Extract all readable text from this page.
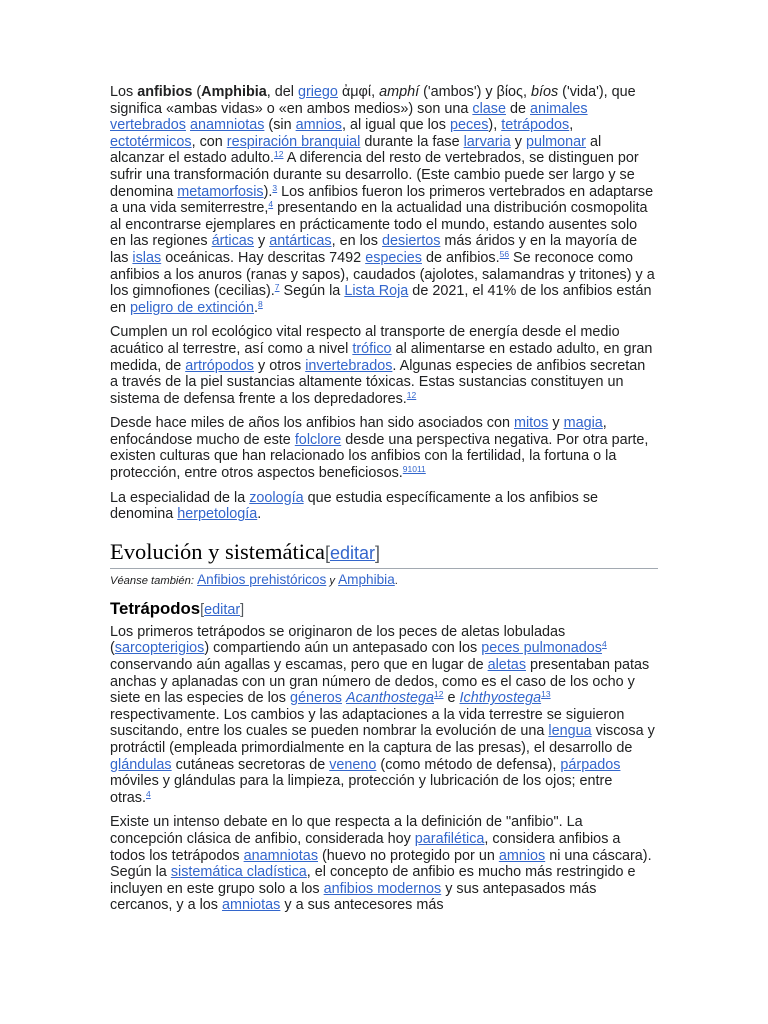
Los anfibios (Amphibia, del griego ἀμφί, amphí ('ambos') y βίος, bíos ('vida'), que significa «ambas vidas» o «en ambos medios») son una clase de animales vertebrados anamniotas (sin amnios, al igual que los peces), tetrápodos, ectotérmicos, con respiración branquial durante la fase larvaria y pulmonar al alcanzar el estado adulto.$^{12}$ A diferencia del resto de vertebrados, se distinguen por sufrir una transformación durante su desarrollo. (Este cambio puede ser largo y se denomina metamorfosis).$^3$ Los anfibios fueron los primeros vertebrados en adaptarse a una vida semiterrestre,$^4$ presentando en la actualidad una distribución cosmopolita al encontrarse ejemplares en prácticamente todo el mundo, estando ausentes solo en las regiones árticas y antárticas, en los desiertos más áridos y en la mayoría de las islas oceánicas. Hay descritas 7492 especies de anfibios.$^{56}$ Se reconoce como anfibios a los anuros (ranas y sapos), caudados (ajolotes, salamandras y tritones) y a los gimnofiones (cecilias).$^7$ Según la Lista Roja de 2021, el 41% de los anfibios están en peligro de extinción.$^8$

Cumplen un rol ecológico vital respecto al transporte de energía desde el medio acuático al terrestre, así como a nivel trófico al alimentarse en estado adulto, en gran medida, de artrópodos y otros invertebrados. Algunas especies de anfibios secretan a través de la piel sustancias altamente tóxicas. Estas sustancias constituyen un sistema de defensa frente a los depredadores.$^{12}$

Desde hace miles de años los anfibios han sido asociados con mitos y magia, enfocándose mucho de este folclore desde una perspectiva negativa. Por otra parte, existen culturas que han relacionado los anfibios con la fertilidad, la fortuna o la protección, entre otros aspectos beneficiosos.$^{91011}$

La especialidad de la zoología que estudia específicamente a los anfibios se denomina herpetología.

Evolución y sistemática[editar]
Véanse también: Anfibios prehistóricos y Amphibia.
Tetrápodos[editar]

Los primeros tetrápodos se originaron de los peces de aletas lobuladas (sarcopterigios) compartiendo aún un antepasado con los peces pulmonados$^4$ conservando aún agallas y escamas, pero que en lugar de aletas presentaban patas anchas y aplanadas con un gran número de dedos, como es el caso de los ocho y siete en las especies de los géneros Acanthostega$^{12}$ e Ichthyostega$^{13}$ respectivamente. Los cambios y las adaptaciones a la vida terrestre se siguieron suscitando, entre los cuales se pueden nombrar la evolución de una lengua viscosa y protráctil (empleada primordialmente en la captura de las presas), el desarrollo de glándulas cutáneas secretoras de veneno (como método de defensa), párpados móviles y glándulas para la limpieza, protección y lubricación de los ojos; entre otras.$^4$

Existe un intenso debate en lo que respecta a la definición de "anfibio". La concepción clásica de anfibio, considerada hoy parafilética, considera anfibios a todos los tetrápodos anamniotas (huevo no protegido por un amnios ni una cáscara). Según la sistemática cladística, el concepto de anfibio es mucho más restringido e incluyen en este grupo solo a los anfibios modernos y sus antepasados más cercanos, y a los amniotas y a sus antecesores más
